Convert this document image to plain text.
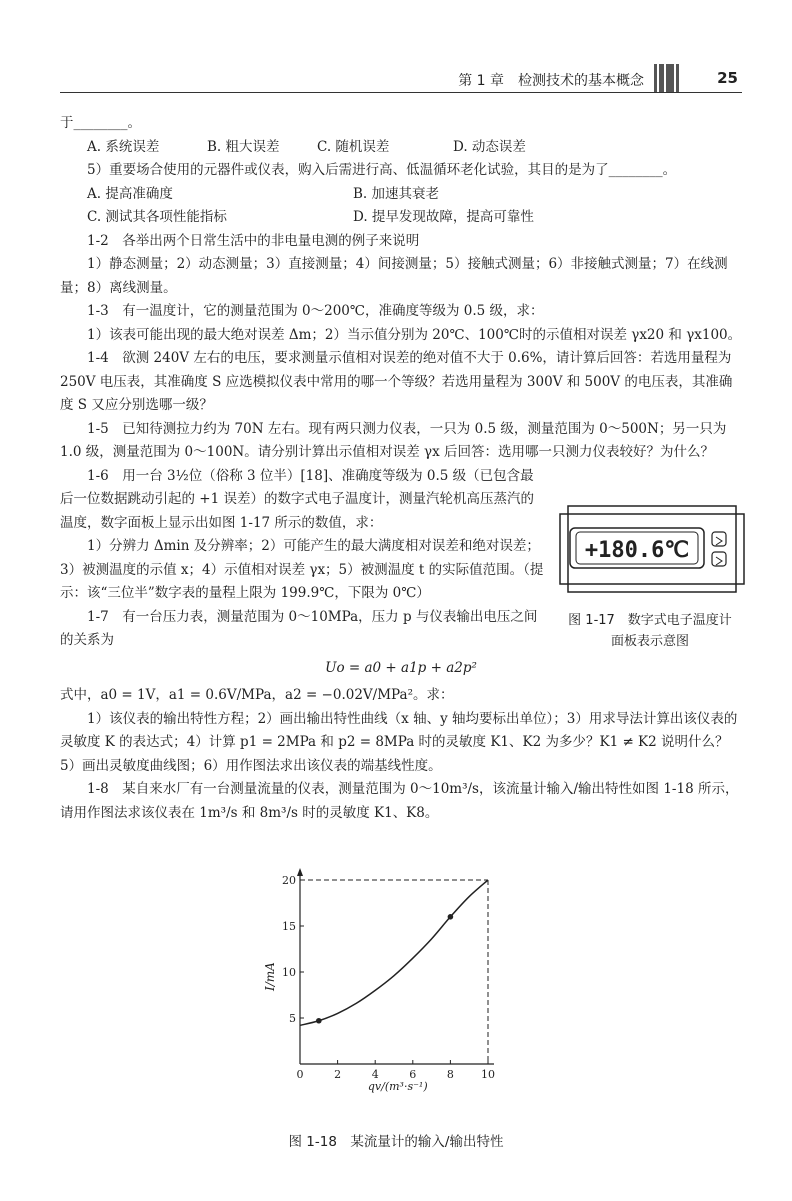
第 1 章　检测技术的基本概念	25

于________。

A. 系统误差	B. 粗大误差	C. 随机误差	D. 动态误差

5）重要场合使用的元器件或仪表，购入后需进行高、低温循环老化试验，其目的是为了________。

A. 提高准确度	B. 加速其衰老
C. 测试其各项性能指标	D. 提早发现故障，提高可靠性

1-2　各举出两个日常生活中的非电量电测的例子来说明

1）静态测量；2）动态测量；3）直接测量；4）间接测量；5）接触式测量；6）非接触式测量；7）在线测量；8）离线测量。

1-3　有一温度计，它的测量范围为 0～200℃，准确度等级为 0.5 级，求：

1）该表可能出现的最大绝对误差 Δm；2）当示值分别为 20℃、100℃时的示值相对误差 γx20 和 γx100。

1-4　欲测 240V 左右的电压，要求测量示值相对误差的绝对值不大于 0.6%，请计算后回答：若选用量程为 250V 电压表，其准确度 S 应选模拟仪表中常用的哪一个等级？若选用量程为 300V 和 500V 的电压表，其准确度 S 又应分别选哪一级？

1-5　已知待测拉力约为 70N 左右。现有两只测力仪表，一只为 0.5 级，测量范围为 0～500N；另一只为 1.0 级，测量范围为 0～100N。请分别计算出示值相对误差 γx 后回答：选用哪一只测力仪表较好？为什么？

1-6　用一台 3½位（俗称 3 位半）[18]、准确度等级为 0.5 级（已包含最后一位数据跳动引起的 +1 误差）的数字式电子温度计，测量汽轮机高压蒸汽的温度，数字面板上显示出如图 1-17 所示的数值，求：

1）分辨力 Δmin 及分辨率；2）可能产生的最大满度相对误差和绝对误差；3）被测温度的示值 x；4）示值相对误差 γx；5）被测温度 t 的实际值范围。（提示：该“三位半”数字表的量程上限为 199.9℃，下限为 0℃）

1-7　有一台压力表，测量范围为 0～10MPa，压力 p 与仪表输出电压之间的关系为

Uo = a0 + a1p + a2p²

式中，a0 = 1V，a1 = 0.6V/MPa，a2 = −0.02V/MPa²。求：

1）该仪表的输出特性方程；2）画出输出特性曲线（x 轴、y 轴均要标出单位）；3）用求导法计算出该仪表的灵敏度 K 的表达式；4）计算 p1 = 2MPa 和 p2 = 8MPa 时的灵敏度 K1、K2 为多少？K1 ≠ K2 说明什么？5）画出灵敏度曲线图；6）用作图法求出该仪表的端基线性度。

1-8　某自来水厂有一台测量流量的仪表，测量范围为 0～10m³/s，该流量计输入/输出特性如图 1-18 所示，请用作图法求该仪表在 1m³/s 和 8m³/s 时的灵敏度 K1、K8。

+180.6℃
图 1-17　数字式电子温度计
面板表示意图
0	2	4	6	8 10
5
10
15
20
I/mA
qv/(m³·s⁻¹)
图 1-18　某流量计的输入/输出特性
